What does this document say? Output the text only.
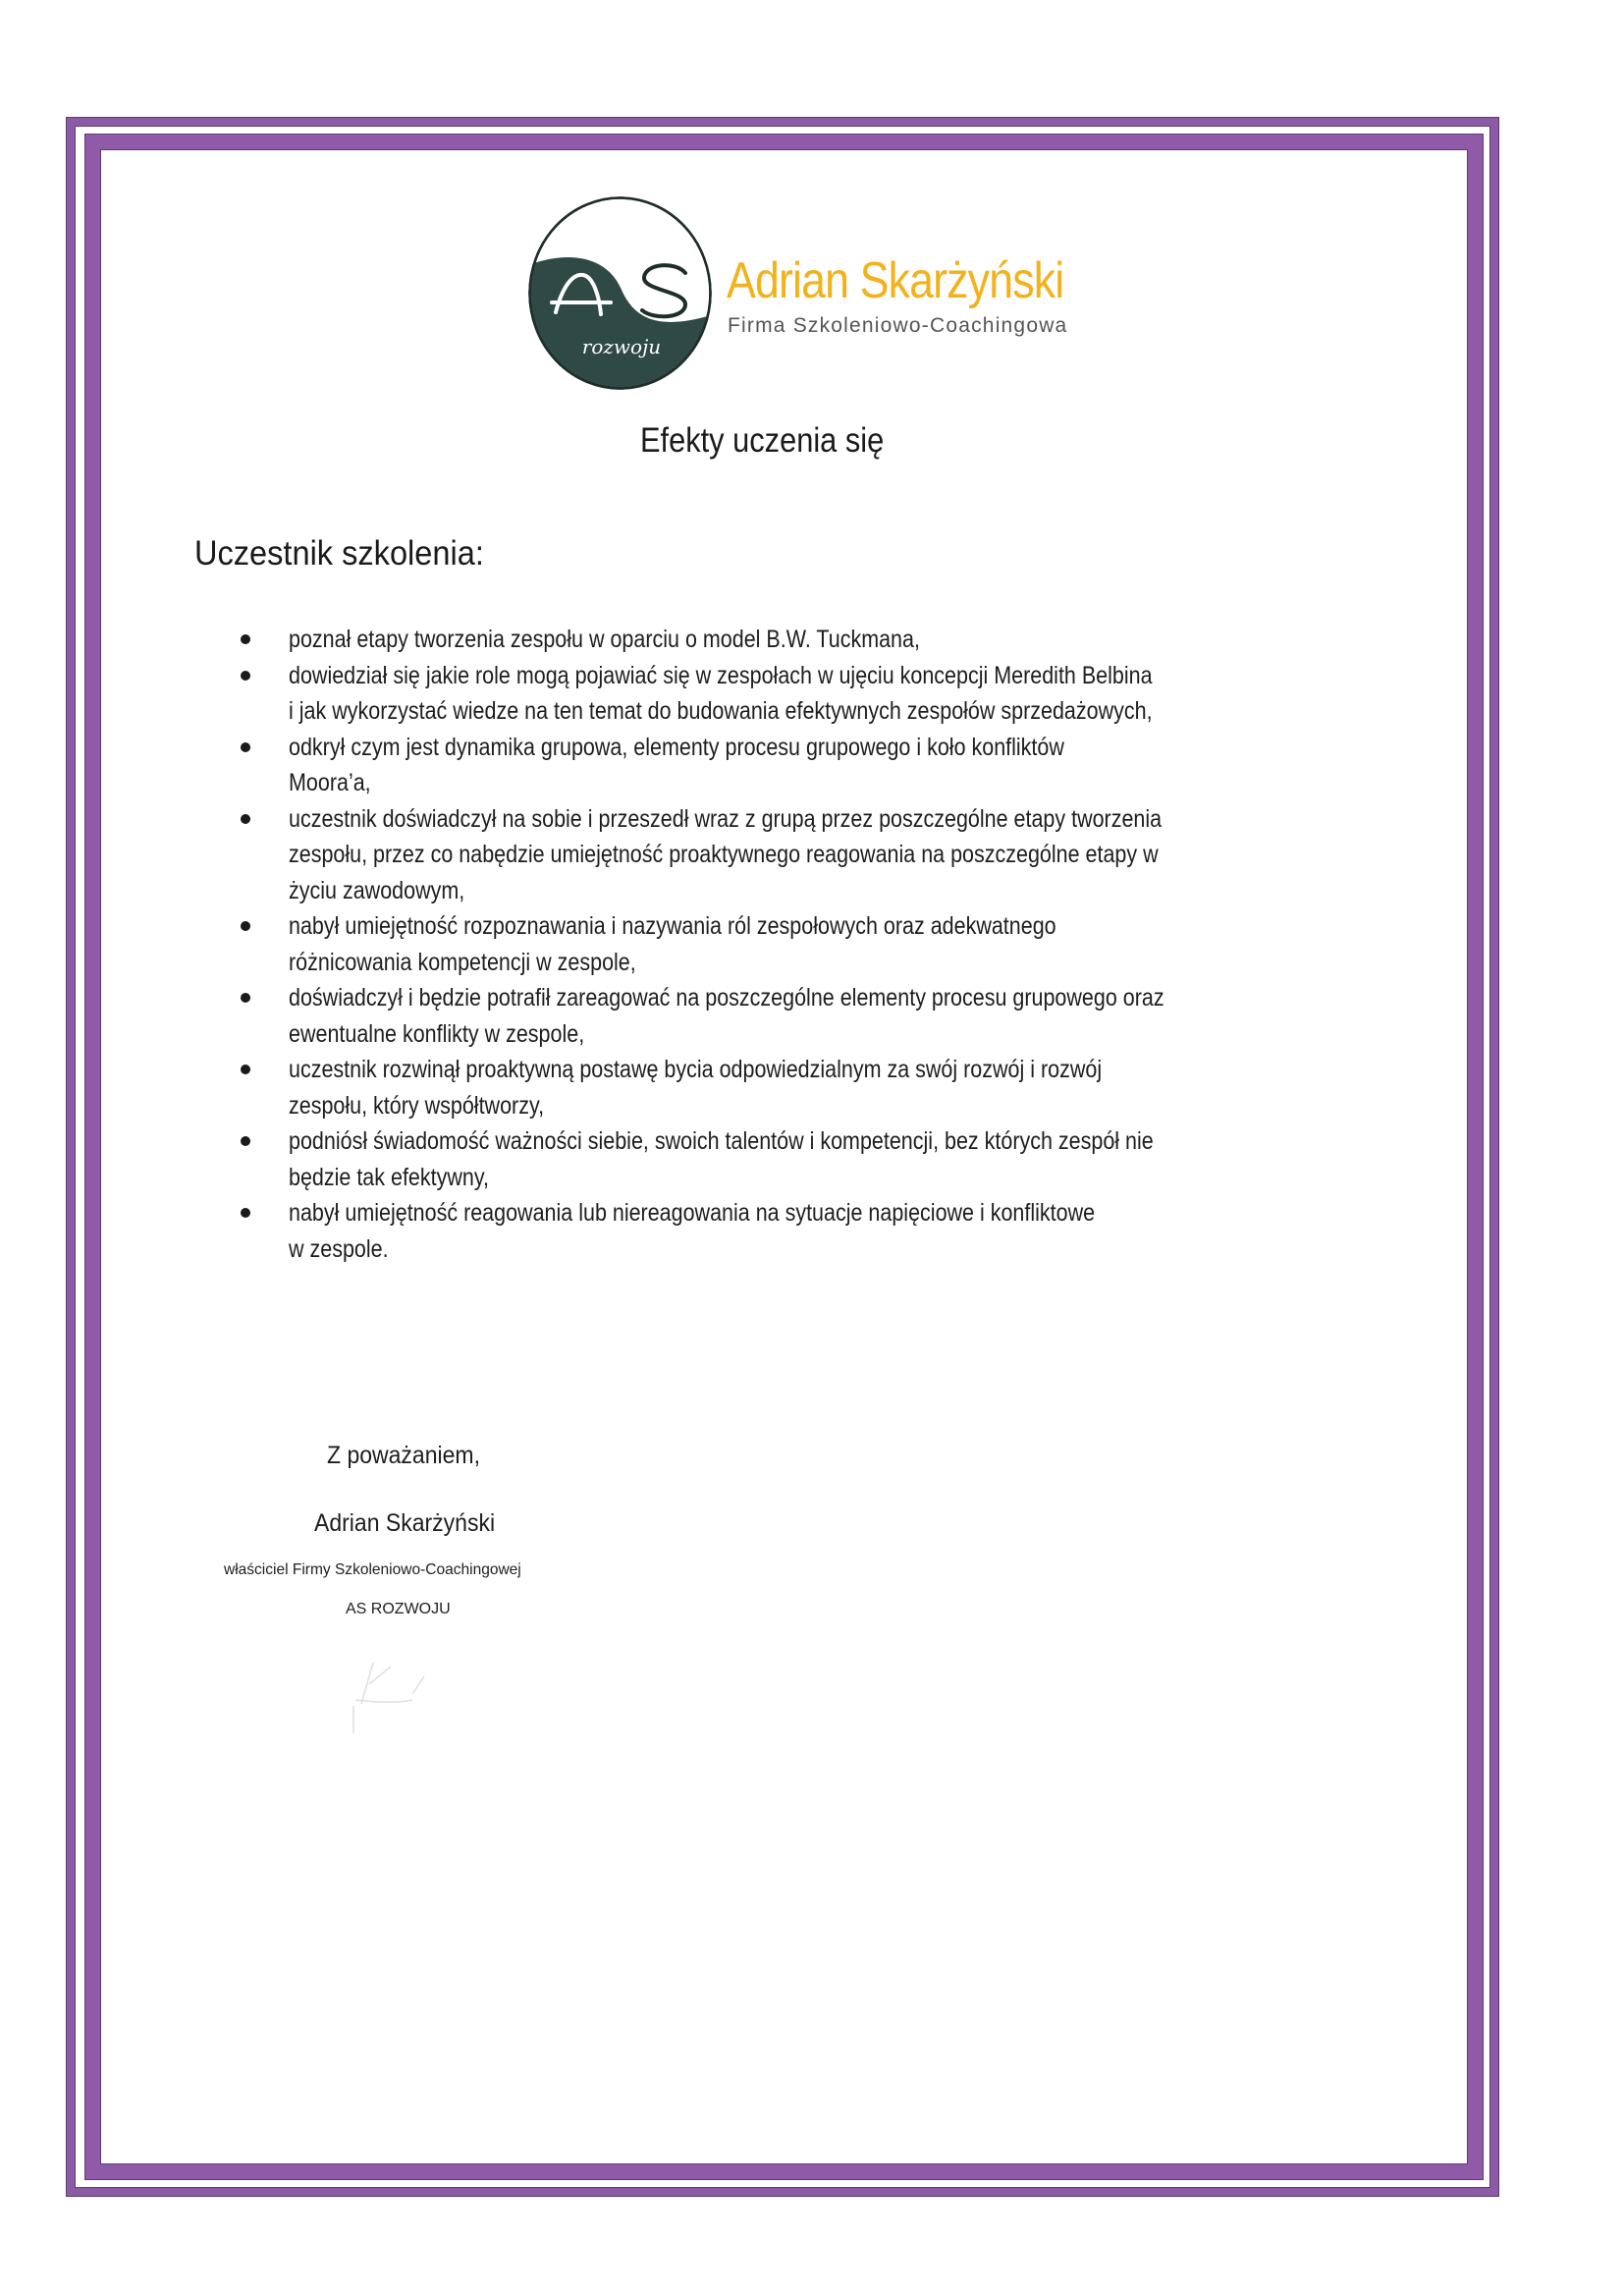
rozwoju
Adrian Skarżyński
Firma Szkoleniowo-Coachingowa
Efekty uczenia się
Uczestnik szkolenia:
poznał etapy tworzenia zespołu w oparciu o model B.W. Tuckmana,
dowiedział się jakie role mogą pojawiać się w zespołach w ujęciu koncepcji Meredith Belbina
i jak wykorzystać wiedze na ten temat do budowania efektywnych zespołów sprzedażowych,
odkrył czym jest dynamika grupowa, elementy procesu grupowego i koło konfliktów
Moora’a,
uczestnik doświadczył na sobie i przeszedł wraz z grupą przez poszczególne etapy tworzenia
zespołu, przez co nabędzie umiejętność proaktywnego reagowania na poszczególne etapy w
życiu zawodowym,
nabył umiejętność rozpoznawania i nazywania ról zespołowych oraz adekwatnego
różnicowania kompetencji w zespole,
doświadczył i będzie potrafił zareagować na poszczególne elementy procesu grupowego oraz
ewentualne konflikty w zespole,
uczestnik rozwinął proaktywną postawę bycia odpowiedzialnym za swój rozwój i rozwój
zespołu, który współtworzy,
podniósł świadomość ważności siebie, swoich talentów i kompetencji, bez których zespół nie
będzie tak efektywny,
nabył umiejętność reagowania lub niereagowania na sytuacje napięciowe i konfliktowe
w zespole.
Z poważaniem,
Adrian Skarżyński
właściciel Firmy Szkoleniowo-Coachingowej
AS ROZWOJU
